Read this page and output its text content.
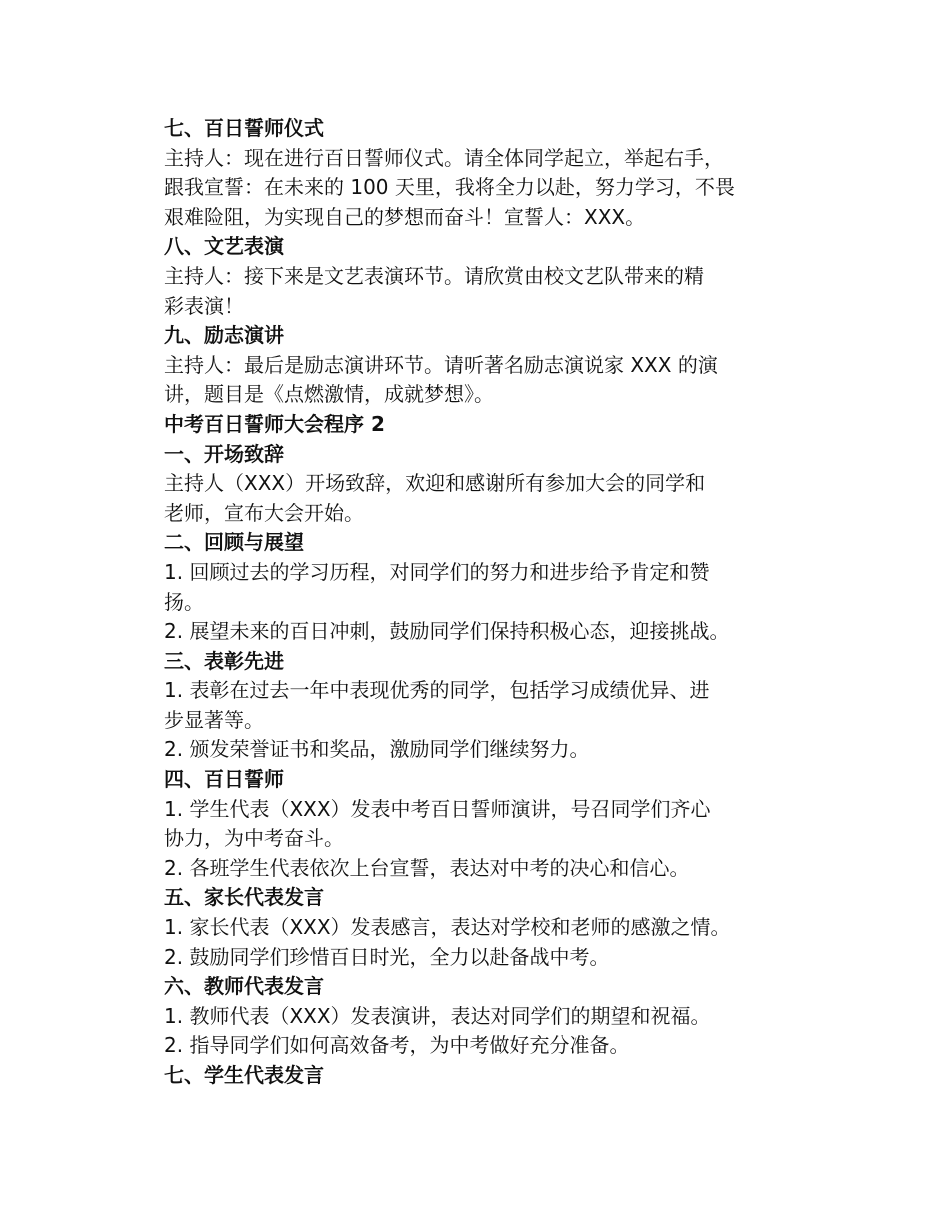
七、百日誓师仪式

主持人：现在进行百日誓师仪式。请全体同学起立，举起右手，

跟我宣誓：在未来的 100 天里，我将全力以赴，努力学习，不畏

艰难险阻，为实现自己的梦想而奋斗！宣誓人：XXX。

八、文艺表演

主持人：接下来是文艺表演环节。请欣赏由校文艺队带来的精

彩表演！

九、励志演讲

主持人：最后是励志演讲环节。请听著名励志演说家 XXX 的演

讲，题目是《点燃激情，成就梦想》。

中考百日誓师大会程序 2

一、开场致辞

主持人（XXX）开场致辞，欢迎和感谢所有参加大会的同学和

老师，宣布大会开始。

二、回顾与展望

1. 回顾过去的学习历程，对同学们的努力和进步给予肯定和赞

扬。

2. 展望未来的百日冲刺，鼓励同学们保持积极心态，迎接挑战。

三、表彰先进

1. 表彰在过去一年中表现优秀的同学，包括学习成绩优异、进

步显著等。

2. 颁发荣誉证书和奖品，激励同学们继续努力。

四、百日誓师

1. 学生代表（XXX）发表中考百日誓师演讲，号召同学们齐心

协力，为中考奋斗。

2. 各班学生代表依次上台宣誓，表达对中考的决心和信心。

五、家长代表发言

1. 家长代表（XXX）发表感言，表达对学校和老师的感激之情。

2. 鼓励同学们珍惜百日时光，全力以赴备战中考。

六、教师代表发言

1. 教师代表（XXX）发表演讲，表达对同学们的期望和祝福。

2. 指导同学们如何高效备考，为中考做好充分准备。

七、学生代表发言
